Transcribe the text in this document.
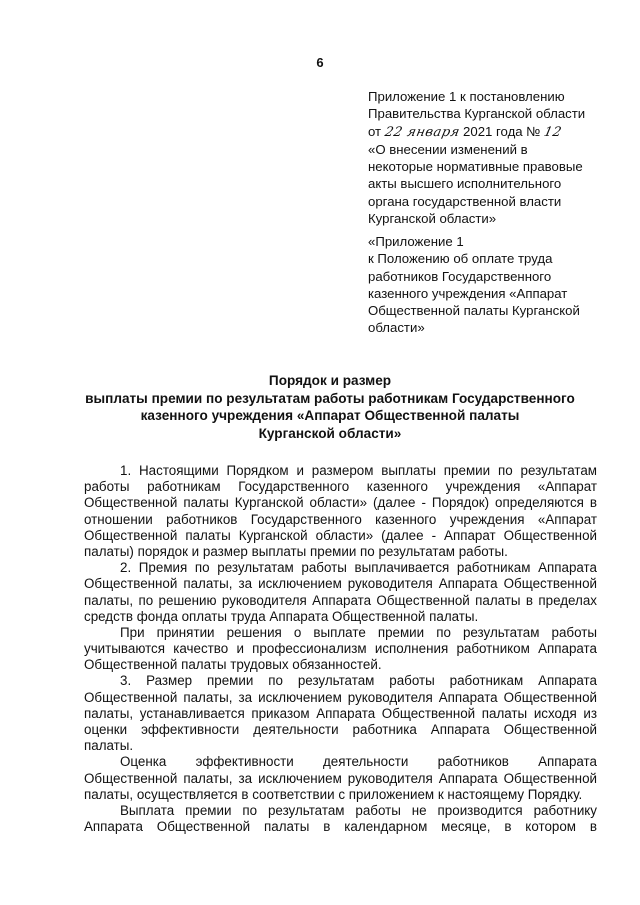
6
Приложение 1 к постановлению
Правительства Курганской области
от 22 января 2021 года № 12
«О внесении изменений в
некоторые нормативные правовые
акты высшего исполнительного
органа государственной власти
Курганской области»
«Приложение 1
к Положению об оплате труда
работников Государственного
казенного учреждения «Аппарат
Общественной палаты Курганской
области»
Порядок и размер
выплаты премии по результатам работы работникам Государственного
казенного учреждения «Аппарат Общественной палаты
Курганской области»
1. Настоящими Порядком и размером выплаты премии по результатам
работы работникам Государственного казенного учреждения «Аппарат
Общественной палаты Курганской области» (далее - Порядок) определяются в
отношении работников Государственного казенного учреждения «Аппарат
Общественной палаты Курганской области» (далее - Аппарат Общественной
палаты) порядок и размер выплаты премии по результатам работы.
2. Премия по результатам работы выплачивается работникам Аппарата
Общественной палаты, за исключением руководителя Аппарата Общественной
палаты, по решению руководителя Аппарата Общественной палаты в пределах
средств фонда оплаты труда Аппарата Общественной палаты.
При принятии решения о выплате премии по результатам работы
учитываются качество и профессионализм исполнения работником Аппарата
Общественной палаты трудовых обязанностей.
3. Размер премии по результатам работы работникам Аппарата
Общественной палаты, за исключением руководителя Аппарата Общественной
палаты, устанавливается приказом Аппарата Общественной палаты исходя из
оценки эффективности деятельности работника Аппарата Общественной
палаты.
Оценка эффективности деятельности работников Аппарата
Общественной палаты, за исключением руководителя Аппарата Общественной
палаты, осуществляется в соответствии с приложением к настоящему Порядку.
Выплата премии по результатам работы не производится работнику
Аппарата Общественной палаты в календарном месяце, в котором в
